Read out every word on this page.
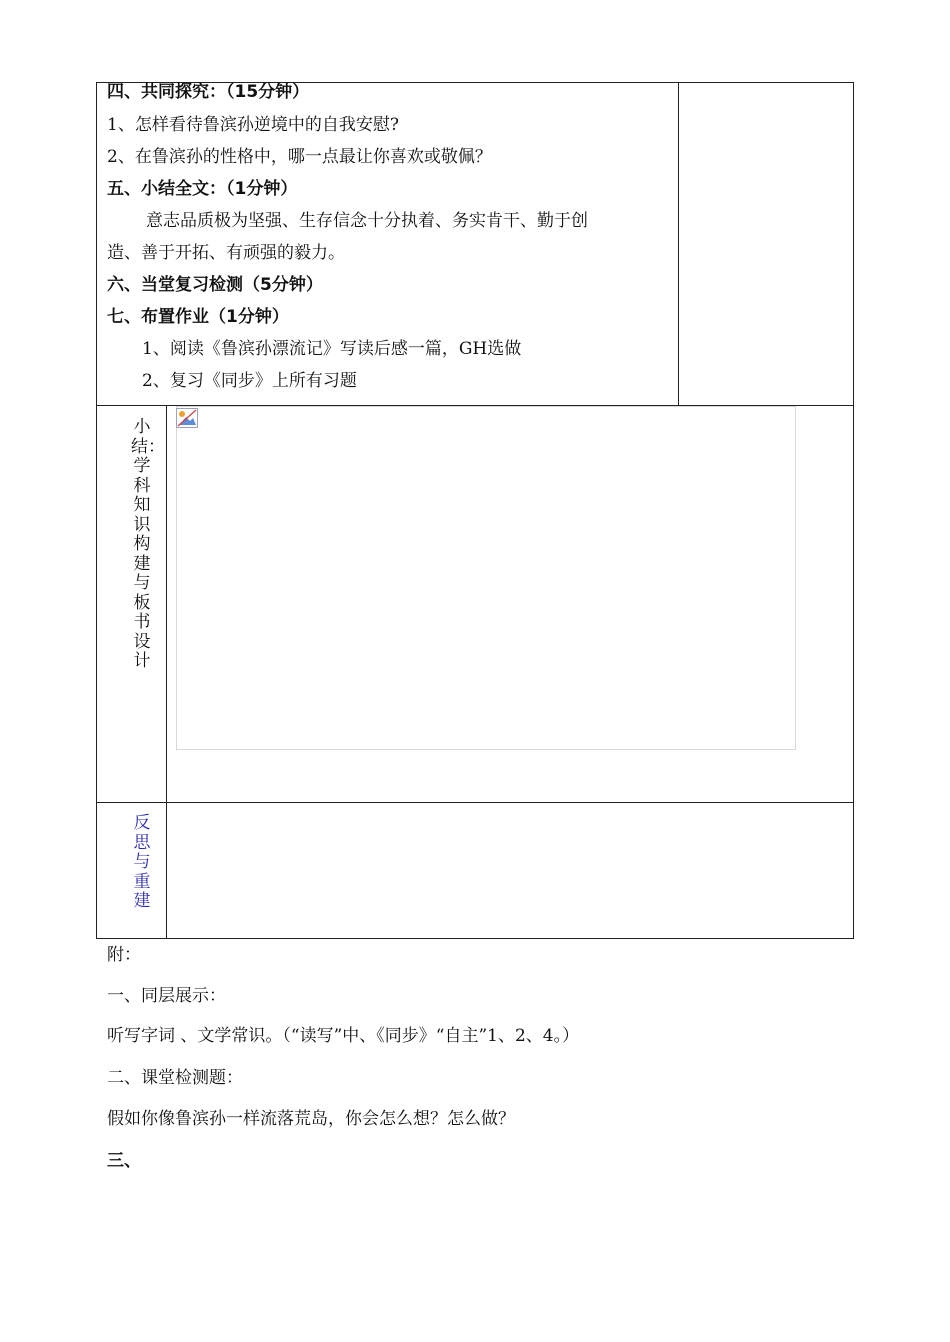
四、共同探究：（15分钟）
1、怎样看待鲁滨孙逆境中的自我安慰?
2、在鲁滨孙的性格中，哪一点最让你喜欢或敬佩？
五、小结全文：（1分钟）
意志品质极为坚强、生存信念十分执着、务实肯干、勤于创
造、善于开拓、有顽强的毅力。
六、当堂复习检测（5分钟）
七、布置作业（1分钟）
1、阅读《鲁滨孙漂流记》写读后感一篇，GH选做
2、复习《同步》上所有习题
小结：学科知识构建与板书设计
反思与重建
附：
一、同层展示：
听写字词 、文学常识。（“读写”中、《同步》“自主”1、2、4。）
二、课堂检测题：
假如你像鲁滨孙一样流落荒岛，你会怎么想？怎么做？
三、
